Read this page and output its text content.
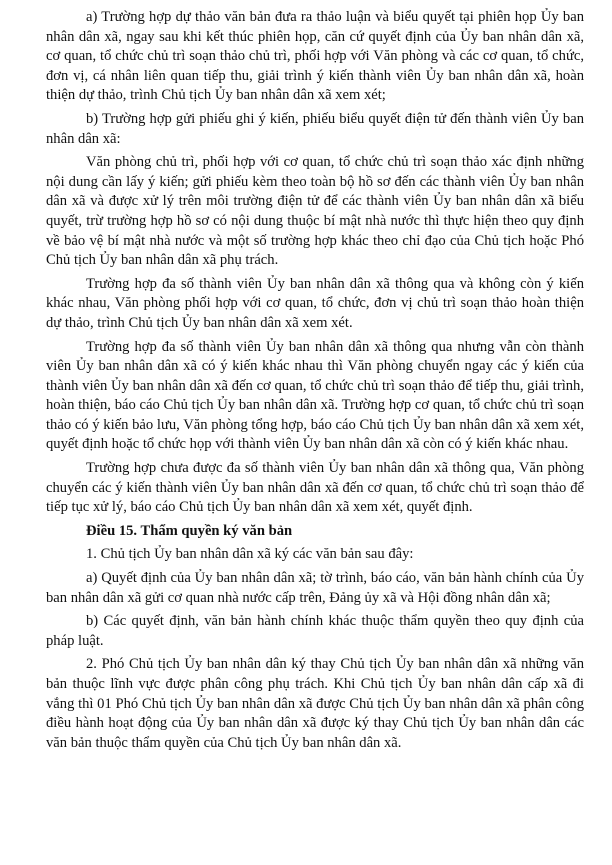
a) Trường hợp dự thảo văn bản đưa ra thảo luận và biểu quyết tại phiên họp Ủy ban nhân dân xã, ngay sau khi kết thúc phiên họp, căn cứ quyết định của Ủy ban nhân dân xã, cơ quan, tổ chức chủ trì soạn thảo chủ trì, phối hợp với Văn phòng và các cơ quan, tổ chức, đơn vị, cá nhân liên quan tiếp thu, giải trình ý kiến thành viên Ủy ban nhân dân xã, hoàn thiện dự thảo, trình Chủ tịch Ủy ban nhân dân xã xem xét;

b) Trường hợp gửi phiếu ghi ý kiến, phiếu biểu quyết điện tử đến thành viên Ủy ban nhân dân xã:

Văn phòng chủ trì, phối hợp với cơ quan, tổ chức chủ trì soạn thảo xác định những nội dung cần lấy ý kiến; gửi phiếu kèm theo toàn bộ hồ sơ đến các thành viên Ủy ban nhân dân xã và được xử lý trên môi trường điện tử để các thành viên Ủy ban nhân dân xã biểu quyết, trừ trường hợp hồ sơ có nội dung thuộc bí mật nhà nước thì thực hiện theo quy định về bảo vệ bí mật nhà nước và một số trường hợp khác theo chỉ đạo của Chủ tịch hoặc Phó Chủ tịch Ủy ban nhân dân xã phụ trách.

Trường hợp đa số thành viên Ủy ban nhân dân xã thông qua và không còn ý kiến khác nhau, Văn phòng phối hợp với cơ quan, tổ chức, đơn vị chủ trì soạn thảo hoàn thiện dự thảo, trình Chủ tịch Ủy ban nhân dân xã xem xét.

Trường hợp đa số thành viên Ủy ban nhân dân xã thông qua nhưng vẫn còn thành viên Ủy ban nhân dân xã có ý kiến khác nhau thì Văn phòng chuyển ngay các ý kiến của thành viên Ủy ban nhân dân xã đến cơ quan, tổ chức chủ trì soạn thảo để tiếp thu, giải trình, hoàn thiện, báo cáo Chủ tịch Ủy ban nhân dân xã. Trường hợp cơ quan, tổ chức chủ trì soạn thảo có ý kiến bảo lưu, Văn phòng tổng hợp, báo cáo Chủ tịch Ủy ban nhân dân xã xem xét, quyết định hoặc tổ chức họp với thành viên Ủy ban nhân dân xã còn có ý kiến khác nhau.

Trường hợp chưa được đa số thành viên Ủy ban nhân dân xã thông qua, Văn phòng chuyển các ý kiến thành viên Ủy ban nhân dân xã đến cơ quan, tổ chức chủ trì soạn thảo để tiếp tục xử lý, báo cáo Chủ tịch Ủy ban nhân dân xã xem xét, quyết định.

Điều 15. Thẩm quyền ký văn bản

1. Chủ tịch Ủy ban nhân dân xã ký các văn bản sau đây:

a) Quyết định của Ủy ban nhân dân xã; tờ trình, báo cáo, văn bản hành chính của Ủy ban nhân dân xã gửi cơ quan nhà nước cấp trên, Đảng ủy xã và Hội đồng nhân dân xã;

b) Các quyết định, văn bản hành chính khác thuộc thẩm quyền theo quy định của pháp luật.

2. Phó Chủ tịch Ủy ban nhân dân ký thay Chủ tịch Ủy ban nhân dân xã những văn bản thuộc lĩnh vực được phân công phụ trách. Khi Chủ tịch Ủy ban nhân dân cấp xã đi vắng thì 01 Phó Chủ tịch Ủy ban nhân dân xã được Chủ tịch Ủy ban nhân dân xã phân công điều hành hoạt động của Ủy ban nhân dân xã được ký thay Chủ tịch Ủy ban nhân dân các văn bản thuộc thẩm quyền của Chủ tịch Ủy ban nhân dân xã.
